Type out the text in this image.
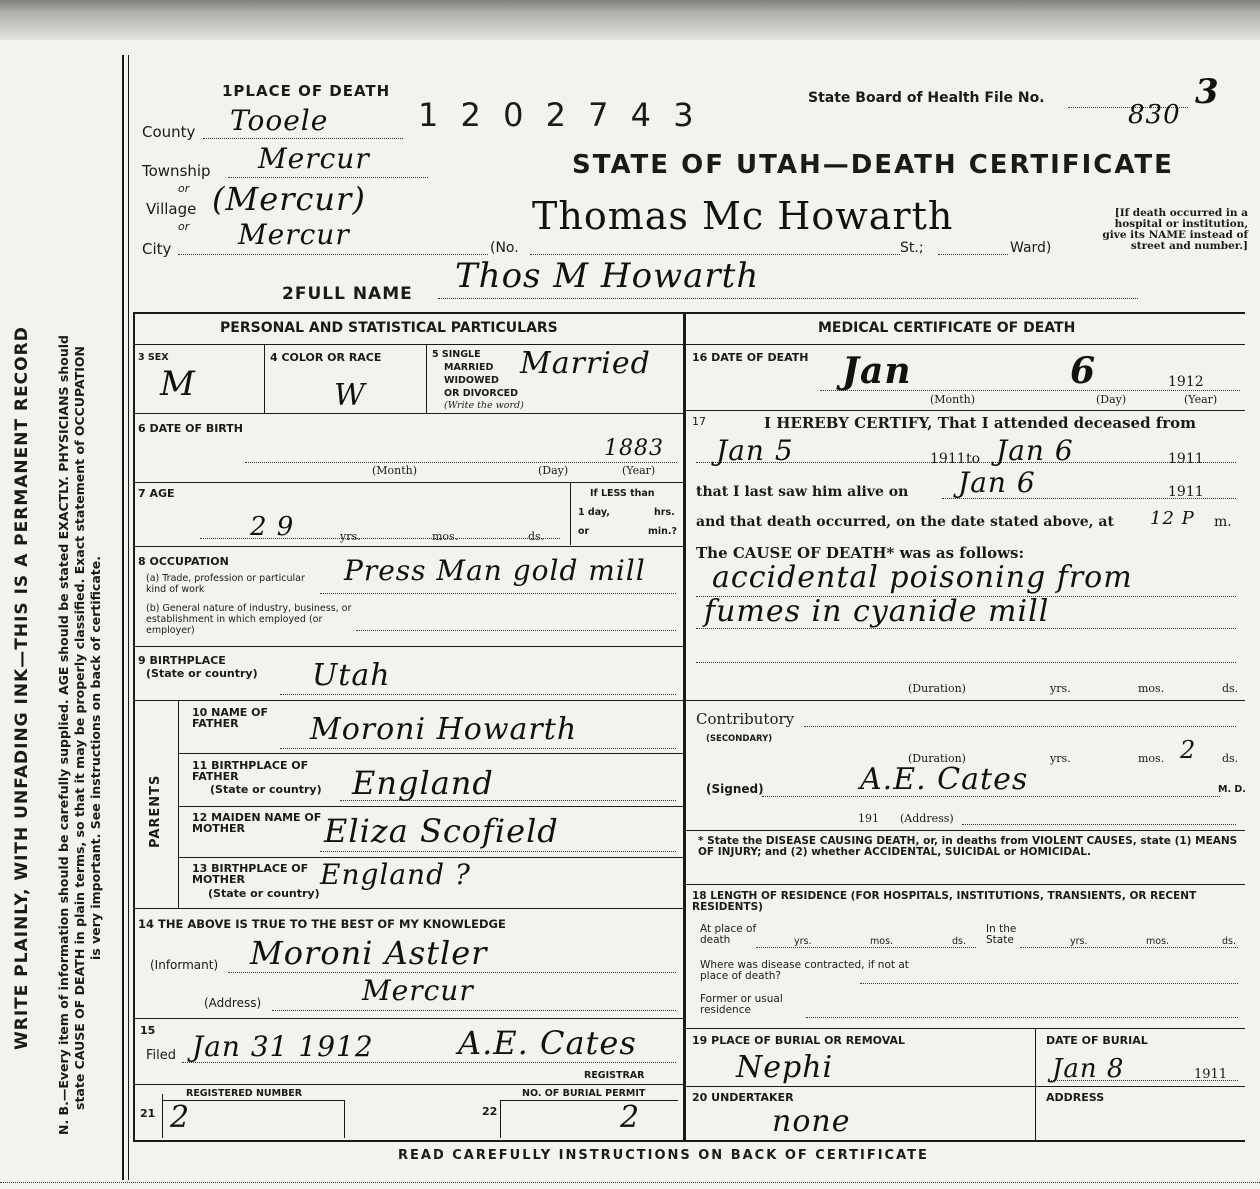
WRITE PLAINLY, WITH UNFADING INK—THIS IS A PERMANENT RECORD N. B.—Every item of information should be carefully supplied. AGE should be stated EXACTLY. PHYSICIANS should state CAUSE OF DEATH in plain terms, so that it may be properly classified. Exact statement of OCCUPATION is very important. See instructions on back of certificate.
1PLACE OF DEATH
1 2 0 2 7 4 3	State Board of Health File No.	3
830
STATE OF UTAH—DEATH CERTIFICATE
County Tooele
Township
or
Mercur
Village
or
(Mercur)
City Mercur	(No.	St.;	Ward)
Thomas Mc Howarth	[If death occurred in a hospital or institution, give its NAME instead of street and number.]
2FULL NAME Thos M Howarth
PERSONAL AND STATISTICAL PARTICULARS
3 SEX
M
4 COLOR OR RACE
W
5 SINGLE
MARRIED
WIDOWED
OR DIVORCED
(Write the word)
Married
6 DATE OF BIRTH
1883
(Month)	(Day)	(Year)
7 AGE
2 9	yrs.	mos.	ds.
If LESS than
1 day,	hrs.
or	min.?
8 OCCUPATION
(a) Trade, profession or particular kind of work
Press Man gold mill
(b) General nature of industry, business, or establishment in which employed (or employer)
9 BIRTHPLACE
(State or country) Utah
PARENTS
10 NAME OF FATHER	Moroni Howarth
11 BIRTHPLACE OF FATHER
(State or country) England
12 MAIDEN NAME OF MOTHER	Eliza Scofield
13 BIRTHPLACE OF MOTHER
(State or country)
England ?
14 THE ABOVE IS TRUE TO THE BEST OF MY KNOWLEDGE
(Informant) Moroni Astler
(Address)	Mercur
15
Filed Jan 31 1912	A.E. Cates
REGISTRAR
21
REGISTERED NUMBER
2	22
NO. OF BURIAL PERMIT
2
MEDICAL CERTIFICATE OF DEATH
16 DATE OF DEATH Jan	6	1912
(Month)	(Day)	(Year)
17	I HEREBY CERTIFY, That I attended deceased from
Jan 5	1911 to Jan 6	1911
that I last saw him alive on Jan 6	1911
and that death occurred, on the date stated above, at 12 P m.
The CAUSE OF DEATH* was as follows:
accidental poisoning from
fumes in cyanide mill
(Duration)	yrs.	mos.	ds.
Contributory
(SECONDARY)
(Duration)	yrs.	mos. 2 ds.
(Signed)	A.E. Cates	M. D.
191 (Address)
* State the DISEASE CAUSING DEATH, or, in deaths from VIOLENT CAUSES, state (1) MEANS OF INJURY; and (2) whether ACCIDENTAL, SUICIDAL or HOMICIDAL.
18 LENGTH OF RESIDENCE (FOR HOSPITALS, INSTITUTIONS, TRANSIENTS, OR RECENT RESIDENTS)
At place of death	yrs.	mos.	ds.
In the State	yrs.	mos.	ds.
Where was disease contracted, if not at place of death?
Former or usual residence
19 PLACE OF BURIAL OR REMOVAL
Nephi
DATE OF BURIAL
Jan 8	1911
20 UNDERTAKER
none
ADDRESS
READ CAREFULLY INSTRUCTIONS ON BACK OF CERTIFICATE
